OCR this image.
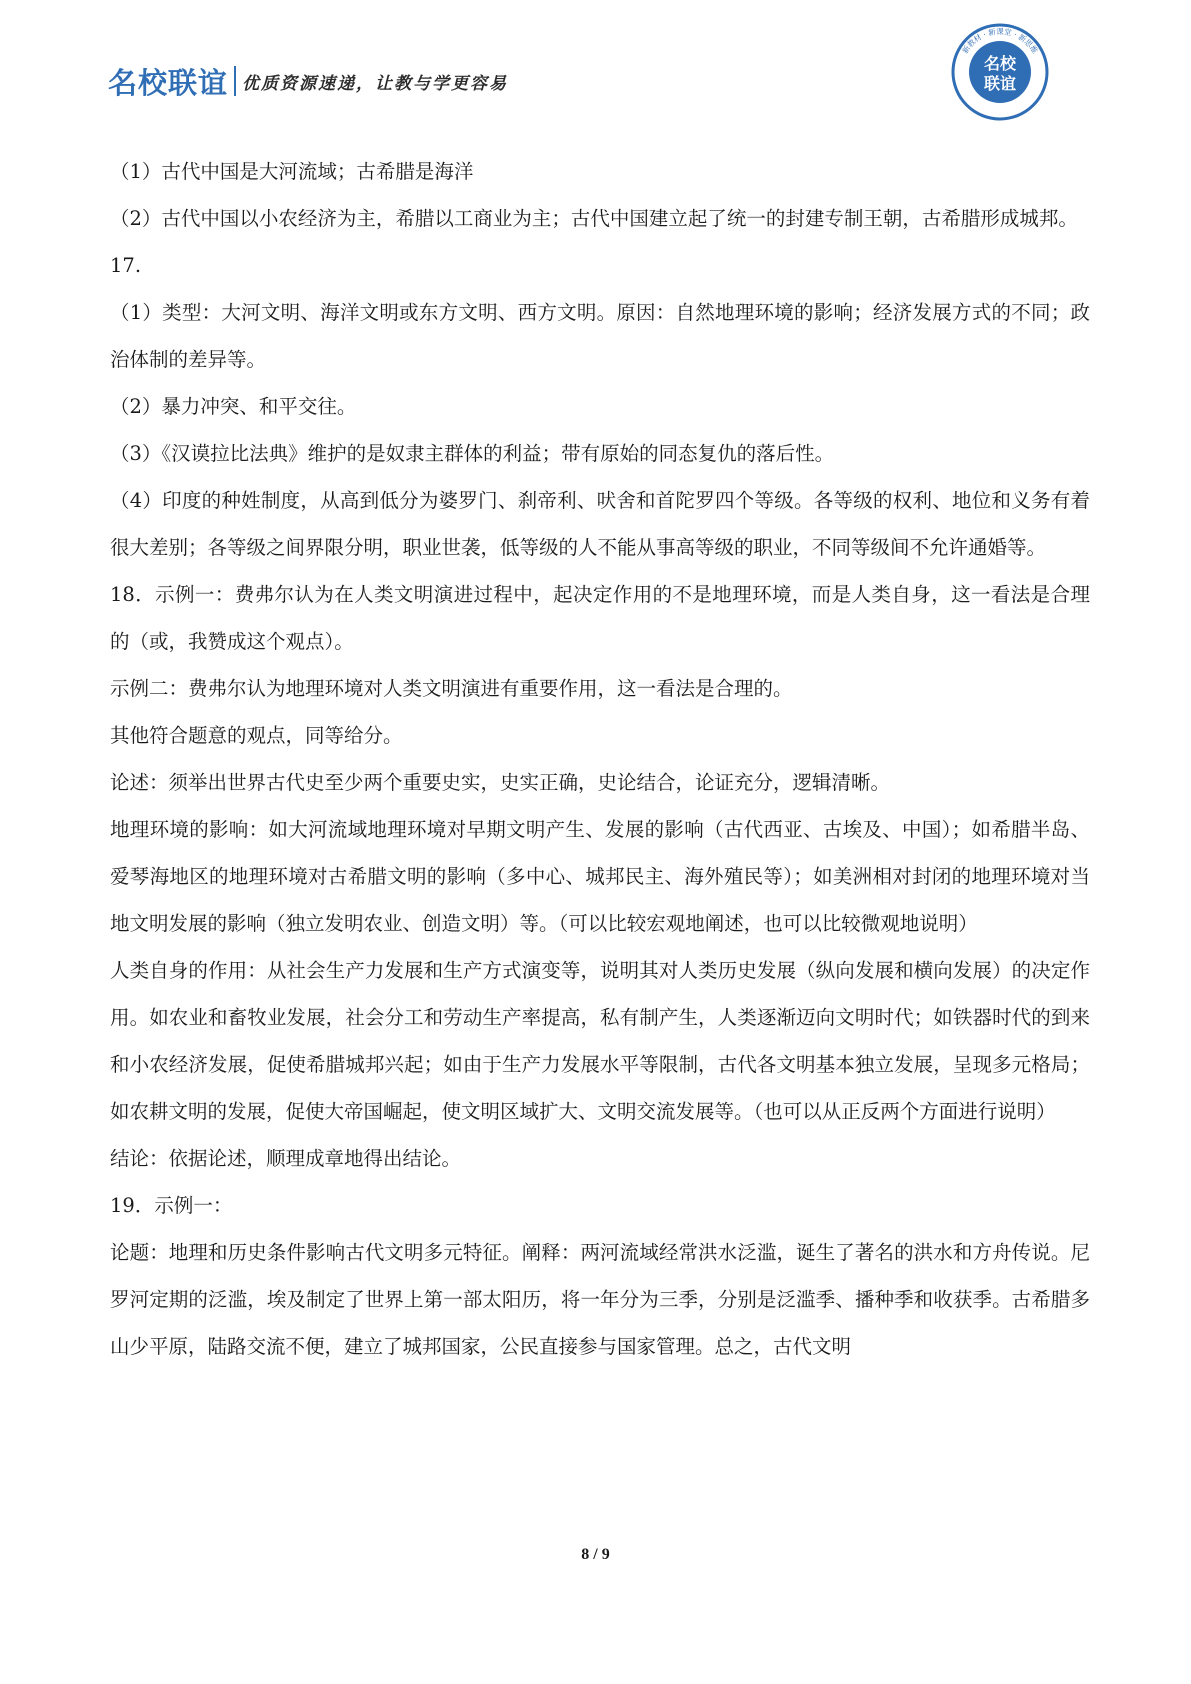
名校联谊 优质资源速递，让教与学更容易
名校
联谊
新教材 · 新课堂 · 新思维

（1）古代中国是大河流域；古希腊是海洋

（2）古代中国以小农经济为主，希腊以工商业为主；古代中国建立起了统一的封建专制王朝，古希腊形成城邦。

17.

（1）类型：大河文明、海洋文明或东方文明、西方文明。原因：自然地理环境的影响；经济发展方式的不同；政治体制的差异等。

（2）暴力冲突、和平交往。

（3）《汉谟拉比法典》维护的是奴隶主群体的利益；带有原始的同态复仇的落后性。

（4）印度的种姓制度，从高到低分为婆罗门、刹帝利、吠舍和首陀罗四个等级。各等级的权利、地位和义务有着很大差别；各等级之间界限分明，职业世袭，低等级的人不能从事高等级的职业，不同等级间不允许通婚等。

18．示例一：费弗尔认为在人类文明演进过程中，起决定作用的不是地理环境，而是人类自身，这一看法是合理的（或，我赞成这个观点）。

示例二：费弗尔认为地理环境对人类文明演进有重要作用，这一看法是合理的。

其他符合题意的观点，同等给分。

论述：须举出世界古代史至少两个重要史实，史实正确，史论结合，论证充分，逻辑清晰。

地理环境的影响：如大河流域地理环境对早期文明产生、发展的影响（古代西亚、古埃及、中国）；如希腊半岛、爱琴海地区的地理环境对古希腊文明的影响（多中心、城邦民主、海外殖民等）；如美洲相对封闭的地理环境对当地文明发展的影响（独立发明农业、创造文明）等。（可以比较宏观地阐述，也可以比较微观地说明）

人类自身的作用：从社会生产力发展和生产方式演变等，说明其对人类历史发展（纵向发展和横向发展）的决定作用。如农业和畜牧业发展，社会分工和劳动生产率提高，私有制产生，人类逐渐迈向文明时代；如铁器时代的到来和小农经济发展，促使希腊城邦兴起；如由于生产力发展水平等限制，古代各文明基本独立发展，呈现多元格局；如农耕文明的发展，促使大帝国崛起，使文明区域扩大、文明交流发展等。（也可以从正反两个方面进行说明）

结论：依据论述，顺理成章地得出结论。

19．示例一：

论题：地理和历史条件影响古代文明多元特征。阐释：两河流域经常洪水泛滥，诞生了著名的洪水和方舟传说。尼罗河定期的泛滥，埃及制定了世界上第一部太阳历，将一年分为三季，分别是泛滥季、播种季和收获季。古希腊多山少平原，陆路交流不便，建立了城邦国家，公民直接参与国家管理。总之，古代文明

8 / 9
